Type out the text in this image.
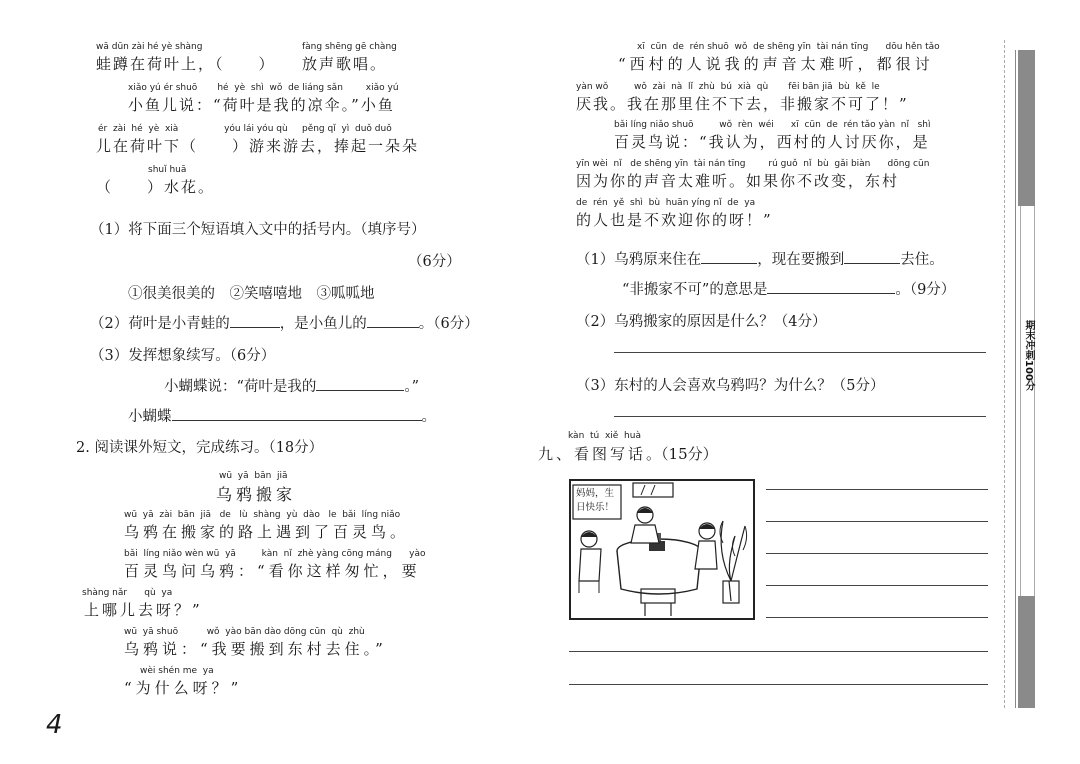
wā dūn zài hé yè shàng	fàng shēng gē chàng
蛙蹲在荷叶上，（　　） 放声歌唱。
xiǎo yú ér shuō       hé  yè  shì  wǒ  de liáng sǎn        xiǎo yú
小鱼儿说：“荷叶是我的凉伞。”小鱼
ér  zài  hé  yè  xià                yóu lái yóu qù     pěng qǐ  yì  duǒ duǒ
儿在荷叶下（　　）游来游去，捧起一朵朵
shuǐ huā
（　　）水花。
（1）将下面三个短语填入文中的括号内。（填序号）
（6分）
①很美很美的　②笑嘻嘻地　③呱呱地
（2）荷叶是小青蛙的	，是小鱼儿的	。（6分）
（3）发挥想象续写。（6分）
小蝴蝶说：“荷叶是我的	。”
小蝴蝶	。
2. 阅读课外短文，完成练习。（18分）
wū  yā  bān  jiā
乌鸦搬家
wū  yā  zài  bān  jiā   de   lù  shàng  yù  dào   le  bǎi  líng niǎo
乌鸦在搬家的路上遇到了百灵鸟。
bǎi  líng niǎo wèn wū  yā         kàn  nǐ  zhè yàng cōng máng      yào
百灵鸟问乌鸦：“看你这样匆忙，要
shàng nǎr      qù  ya
上哪儿去呀？”
wū  yā shuō          wǒ  yào bān dào dōng cūn  qù  zhù
乌鸦说：“我要搬到东村去住。”
wèi shén me  ya
“为什么呀？”
4
xī  cūn  de  rén shuō  wǒ  de shēng yīn  tài nán tīng      dōu hěn tǎo
“西村的人说我的声音太难听，都很讨
yàn wǒ         wǒ  zài  nà  lǐ  zhù  bú  xià  qù       fēi bān jiā  bù  kě  le
厌我。我在那里住不下去，非搬家不可了！”
bǎi líng niǎo shuō         wǒ  rèn  wéi      xī  cūn  de  rén tǎo yàn  nǐ   shì
百灵鸟说：“我认为，西村的人讨厌你，是
yīn wèi  nǐ   de shēng yīn  tài nán tīng        rú guǒ  nǐ  bù  gǎi biàn      dōng cūn
因为你的声音太难听。如果你不改变，东村
de  rén  yě  shì  bù  huān yíng nǐ  de  ya
的人也是不欢迎你的呀！”
（1）乌鸦原来住在	，现在要搬到	去住。
“非搬家不可”的意思是	。（9分）
（2）乌鸦搬家的原因是什么？（4分）
（3）东村的人会喜欢乌鸦吗？为什么？（5分）
kàn  tú  xiě  huà
九、看图写话。（15分）
妈妈，生日快乐！
期末冲刺100分
